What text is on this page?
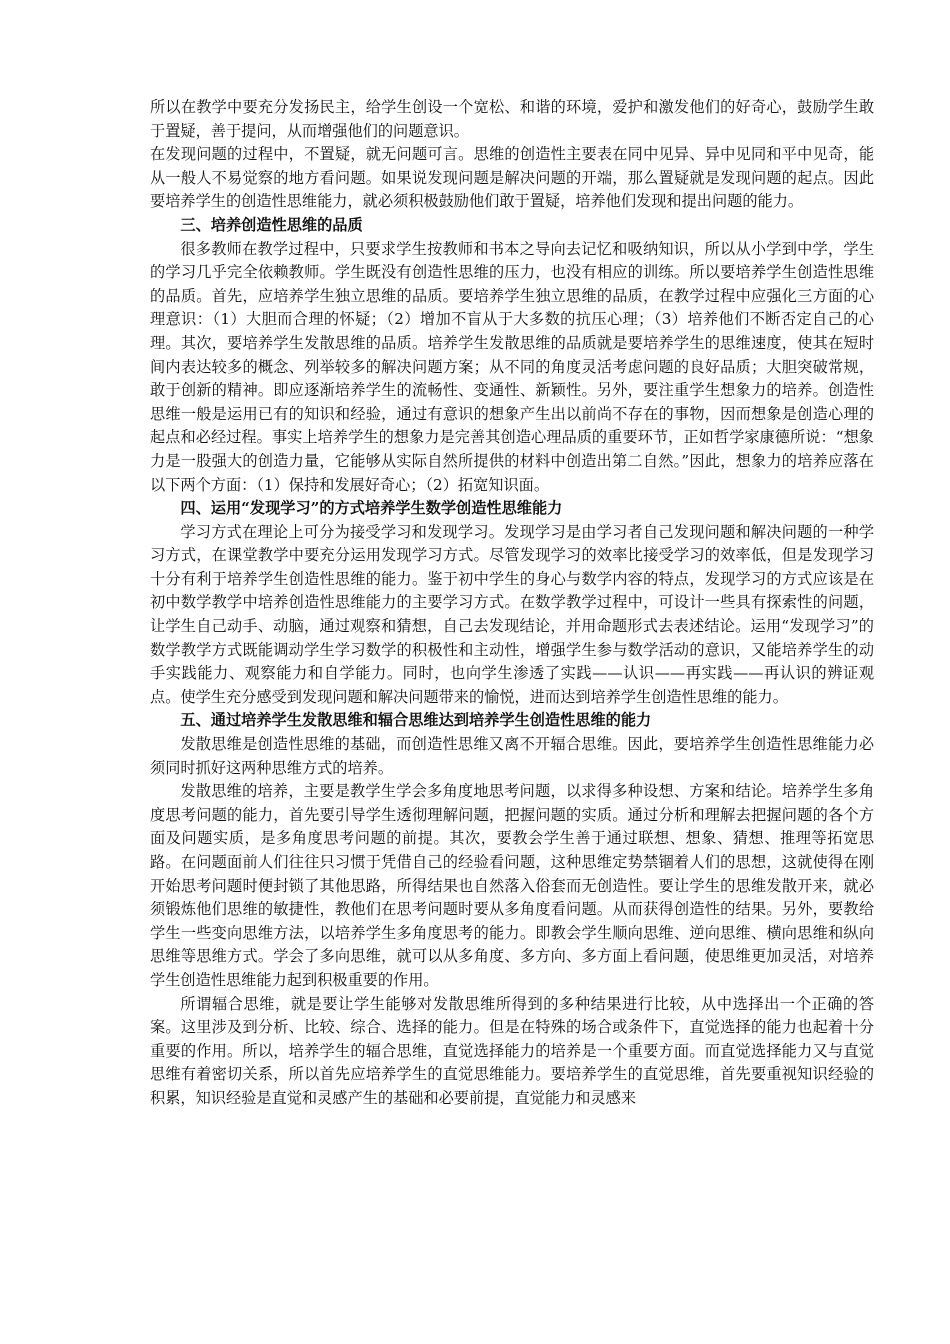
所以在教学中要充分发扬民主，给学生创设一个宽松、和谐的环境，爱护和激发他们的好奇心，鼓励学生敢于置疑，善于提问，从而增强他们的问题意识。

在发现问题的过程中，不置疑，就无问题可言。思维的创造性主要表在同中见异、异中见同和平中见奇，能从一般人不易觉察的地方看问题。如果说发现问题是解决问题的开端，那么置疑就是发现问题的起点。因此要培养学生的创造性思维能力，就必须积极鼓励他们敢于置疑，培养他们发现和提出问题的能力。

三、培养创造性思维的品质

很多教师在教学过程中，只要求学生按教师和书本之导向去记忆和吸纳知识，所以从小学到中学，学生的学习几乎完全依赖教师。学生既没有创造性思维的压力，也没有相应的训练。所以要培养学生创造性思维的品质。首先，应培养学生独立思维的品质。要培养学生独立思维的品质，在教学过程中应强化三方面的心理意识：（1）大胆而合理的怀疑；（2）增加不盲从于大多数的抗压心理；（3）培养他们不断否定自己的心理。其次，要培养学生发散思维的品质。培养学生发散思维的品质就是要培养学生的思维速度，使其在短时间内表达较多的概念、列举较多的解决问题方案；从不同的角度灵活考虑问题的良好品质；大胆突破常规，敢于创新的精神。即应逐渐培养学生的流畅性、变通性、新颖性。另外，要注重学生想象力的培养。创造性思维一般是运用已有的知识和经验，通过有意识的想象产生出以前尚不存在的事物，因而想象是创造心理的起点和必经过程。事实上培养学生的想象力是完善其创造心理品质的重要环节，正如哲学家康德所说：“想象力是一股强大的创造力量，它能够从实际自然所提供的材料中创造出第二自然。”因此，想象力的培养应落在以下两个方面：（1）保持和发展好奇心；（2）拓宽知识面。

四、运用“发现学习”的方式培养学生数学创造性思维能力

学习方式在理论上可分为接受学习和发现学习。发现学习是由学习者自己发现问题和解决问题的一种学习方式，在课堂教学中要充分运用发现学习方式。尽管发现学习的效率比接受学习的效率低，但是发现学习十分有利于培养学生创造性思维的能力。鉴于初中学生的身心与数学内容的特点，发现学习的方式应该是在初中数学教学中培养创造性思维能力的主要学习方式。在数学教学过程中，可设计一些具有探索性的问题，让学生自己动手、动脑，通过观察和猜想，自己去发现结论，并用命题形式去表述结论。运用“发现学习”的数学教学方式既能调动学生学习数学的积极性和主动性，增强学生参与数学活动的意识，又能培养学生的动手实践能力、观察能力和自学能力。同时，也向学生渗透了实践——认识——再实践——再认识的辨证观点。使学生充分感受到发现问题和解决问题带来的愉悦，进而达到培养学生创造性思维的能力。

五、通过培养学生发散思维和辐合思维达到培养学生创造性思维的能力

发散思维是创造性思维的基础，而创造性思维又离不开辐合思维。因此，要培养学生创造性思维能力必须同时抓好这两种思维方式的培养。

发散思维的培养，主要是教学生学会多角度地思考问题，以求得多种设想、方案和结论。培养学生多角度思考问题的能力，首先要引导学生透彻理解问题，把握问题的实质。通过分析和理解去把握问题的各个方面及问题实质，是多角度思考问题的前提。其次，要教会学生善于通过联想、想象、猜想、推理等拓宽思路。在问题面前人们往往只习惯于凭借自己的经验看问题，这种思维定势禁锢着人们的思想，这就使得在刚开始思考问题时便封锁了其他思路，所得结果也自然落入俗套而无创造性。要让学生的思维发散开来，就必须锻炼他们思维的敏捷性，教他们在思考问题时要从多角度看问题。从而获得创造性的结果。另外，要教给学生一些变向思维方法，以培养学生多角度思考的能力。即教会学生顺向思维、逆向思维、横向思维和纵向思维等思维方式。学会了多向思维，就可以从多角度、多方向、多方面上看问题，使思维更加灵活，对培养学生创造性思维能力起到积极重要的作用。

所谓辐合思维，就是要让学生能够对发散思维所得到的多种结果进行比较，从中选择出一个正确的答案。这里涉及到分析、比较、综合、选择的能力。但是在特殊的场合或条件下，直觉选择的能力也起着十分重要的作用。所以，培养学生的辐合思维，直觉选择能力的培养是一个重要方面。而直觉选择能力又与直觉思维有着密切关系，所以首先应培养学生的直觉思维能力。要培养学生的直觉思维，首先要重视知识经验的积累，知识经验是直觉和灵感产生的基础和必要前提，直觉能力和灵感来
